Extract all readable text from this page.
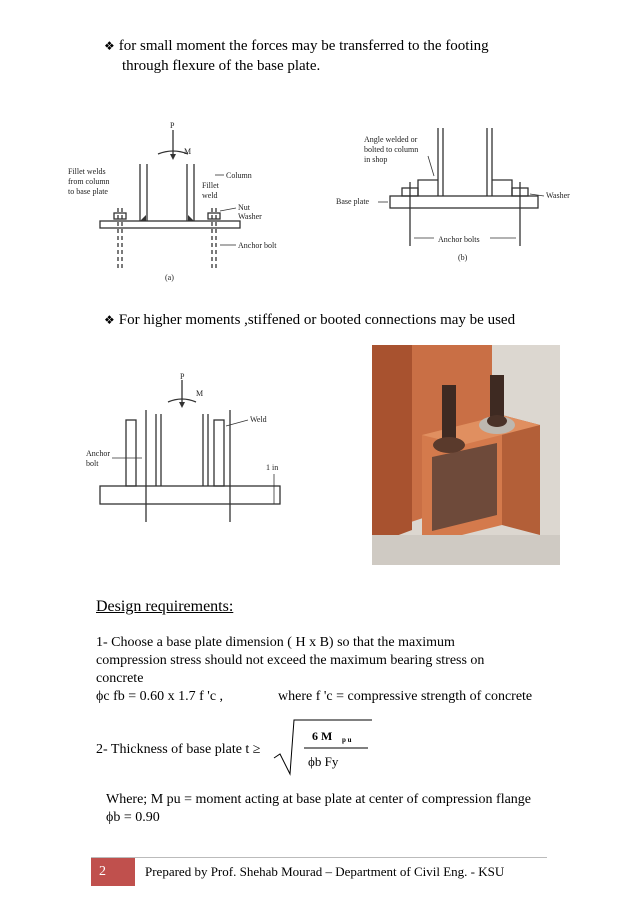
❖ for small moment the forces may be transferred to the footing
through flexure of the base plate.
P
M
Fillet welds
from column
to base plate
Column
Fillet
weld
Nut
Washer
Anchor bolt
(a)
Angle welded or
bolted to column
in shop
Base plate
Washer
Anchor bolts
(b)
❖ For higher moments ,stiffened or booted connections may be used
P
M
Weld
Anchor
bolt	1 in
Design requirements:
1- Choose a base plate dimension ( H x B) so that the maximum
compression stress should not exceed the maximum bearing stress on
concrete
ϕc fb = 0.60 x 1.7 f 'c ,	where f 'c = compressive strength of concrete
2- Thickness of base plate t ≥
6 M p u
ϕb Fy
Where; M pu = moment acting at base plate at center of compression flange
ϕb = 0.90
2	Prepared by Prof. Shehab Mourad – Department of Civil Eng. - KSU
